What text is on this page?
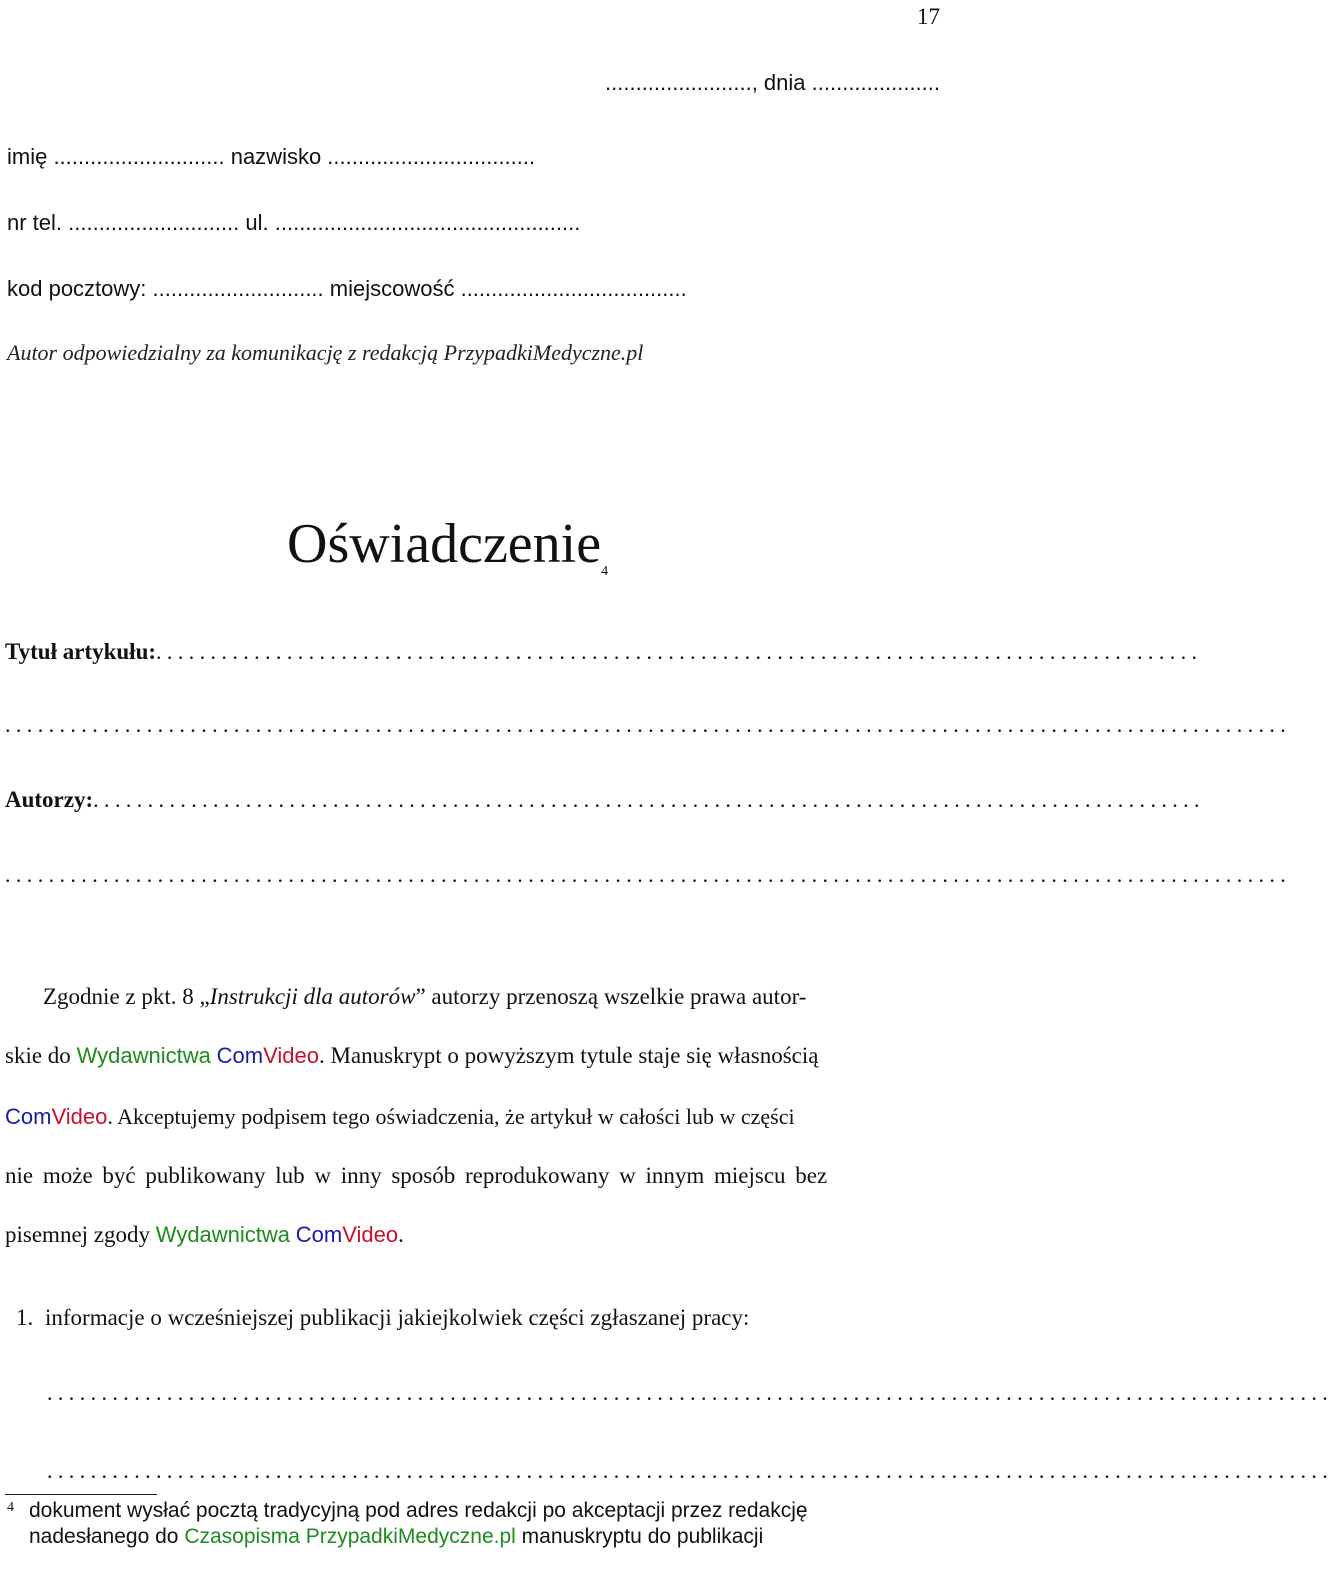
17
........................, dnia .....................
imię ............................ nazwisko ..................................
nr tel. ............................ ul. ..................................................
kod pocztowy: ............................ miejscowość .....................................
Autor odpowiedzialny za komunikację z redakcją PrzypadkiMedyczne.pl
Oświadczenie$^4$
Tytuł artykułu:................................................................................................
......................................................................................................................
Autorzy:......................................................................................................
......................................................................................................................
Zgodnie z pkt. 8 „Instrukcji dla autorów” autorzy przenoszą wszelkie prawa autor-
skie do Wydawnictwa ComVideo. Manuskrypt o powyższym tytule staje się własnością
ComVideo. Akceptujemy podpisem tego oświadczenia, że artykuł w całości lub w części
nie może być publikowany lub w inny sposób reprodukowany w innym miejscu bez
pisemnej zgody Wydawnictwa ComVideo.
1. informacje o wcześniejszej publikacji jakiejkolwiek części zgłaszanej pracy:
......................................................................................................................
......................................................................................................................
4 dokument wysłać pocztą tradycyjną pod adres redakcji po akceptacji przez redakcję
nadesłanego do Czasopisma PrzypadkiMedyczne.pl manuskryptu do publikacji
